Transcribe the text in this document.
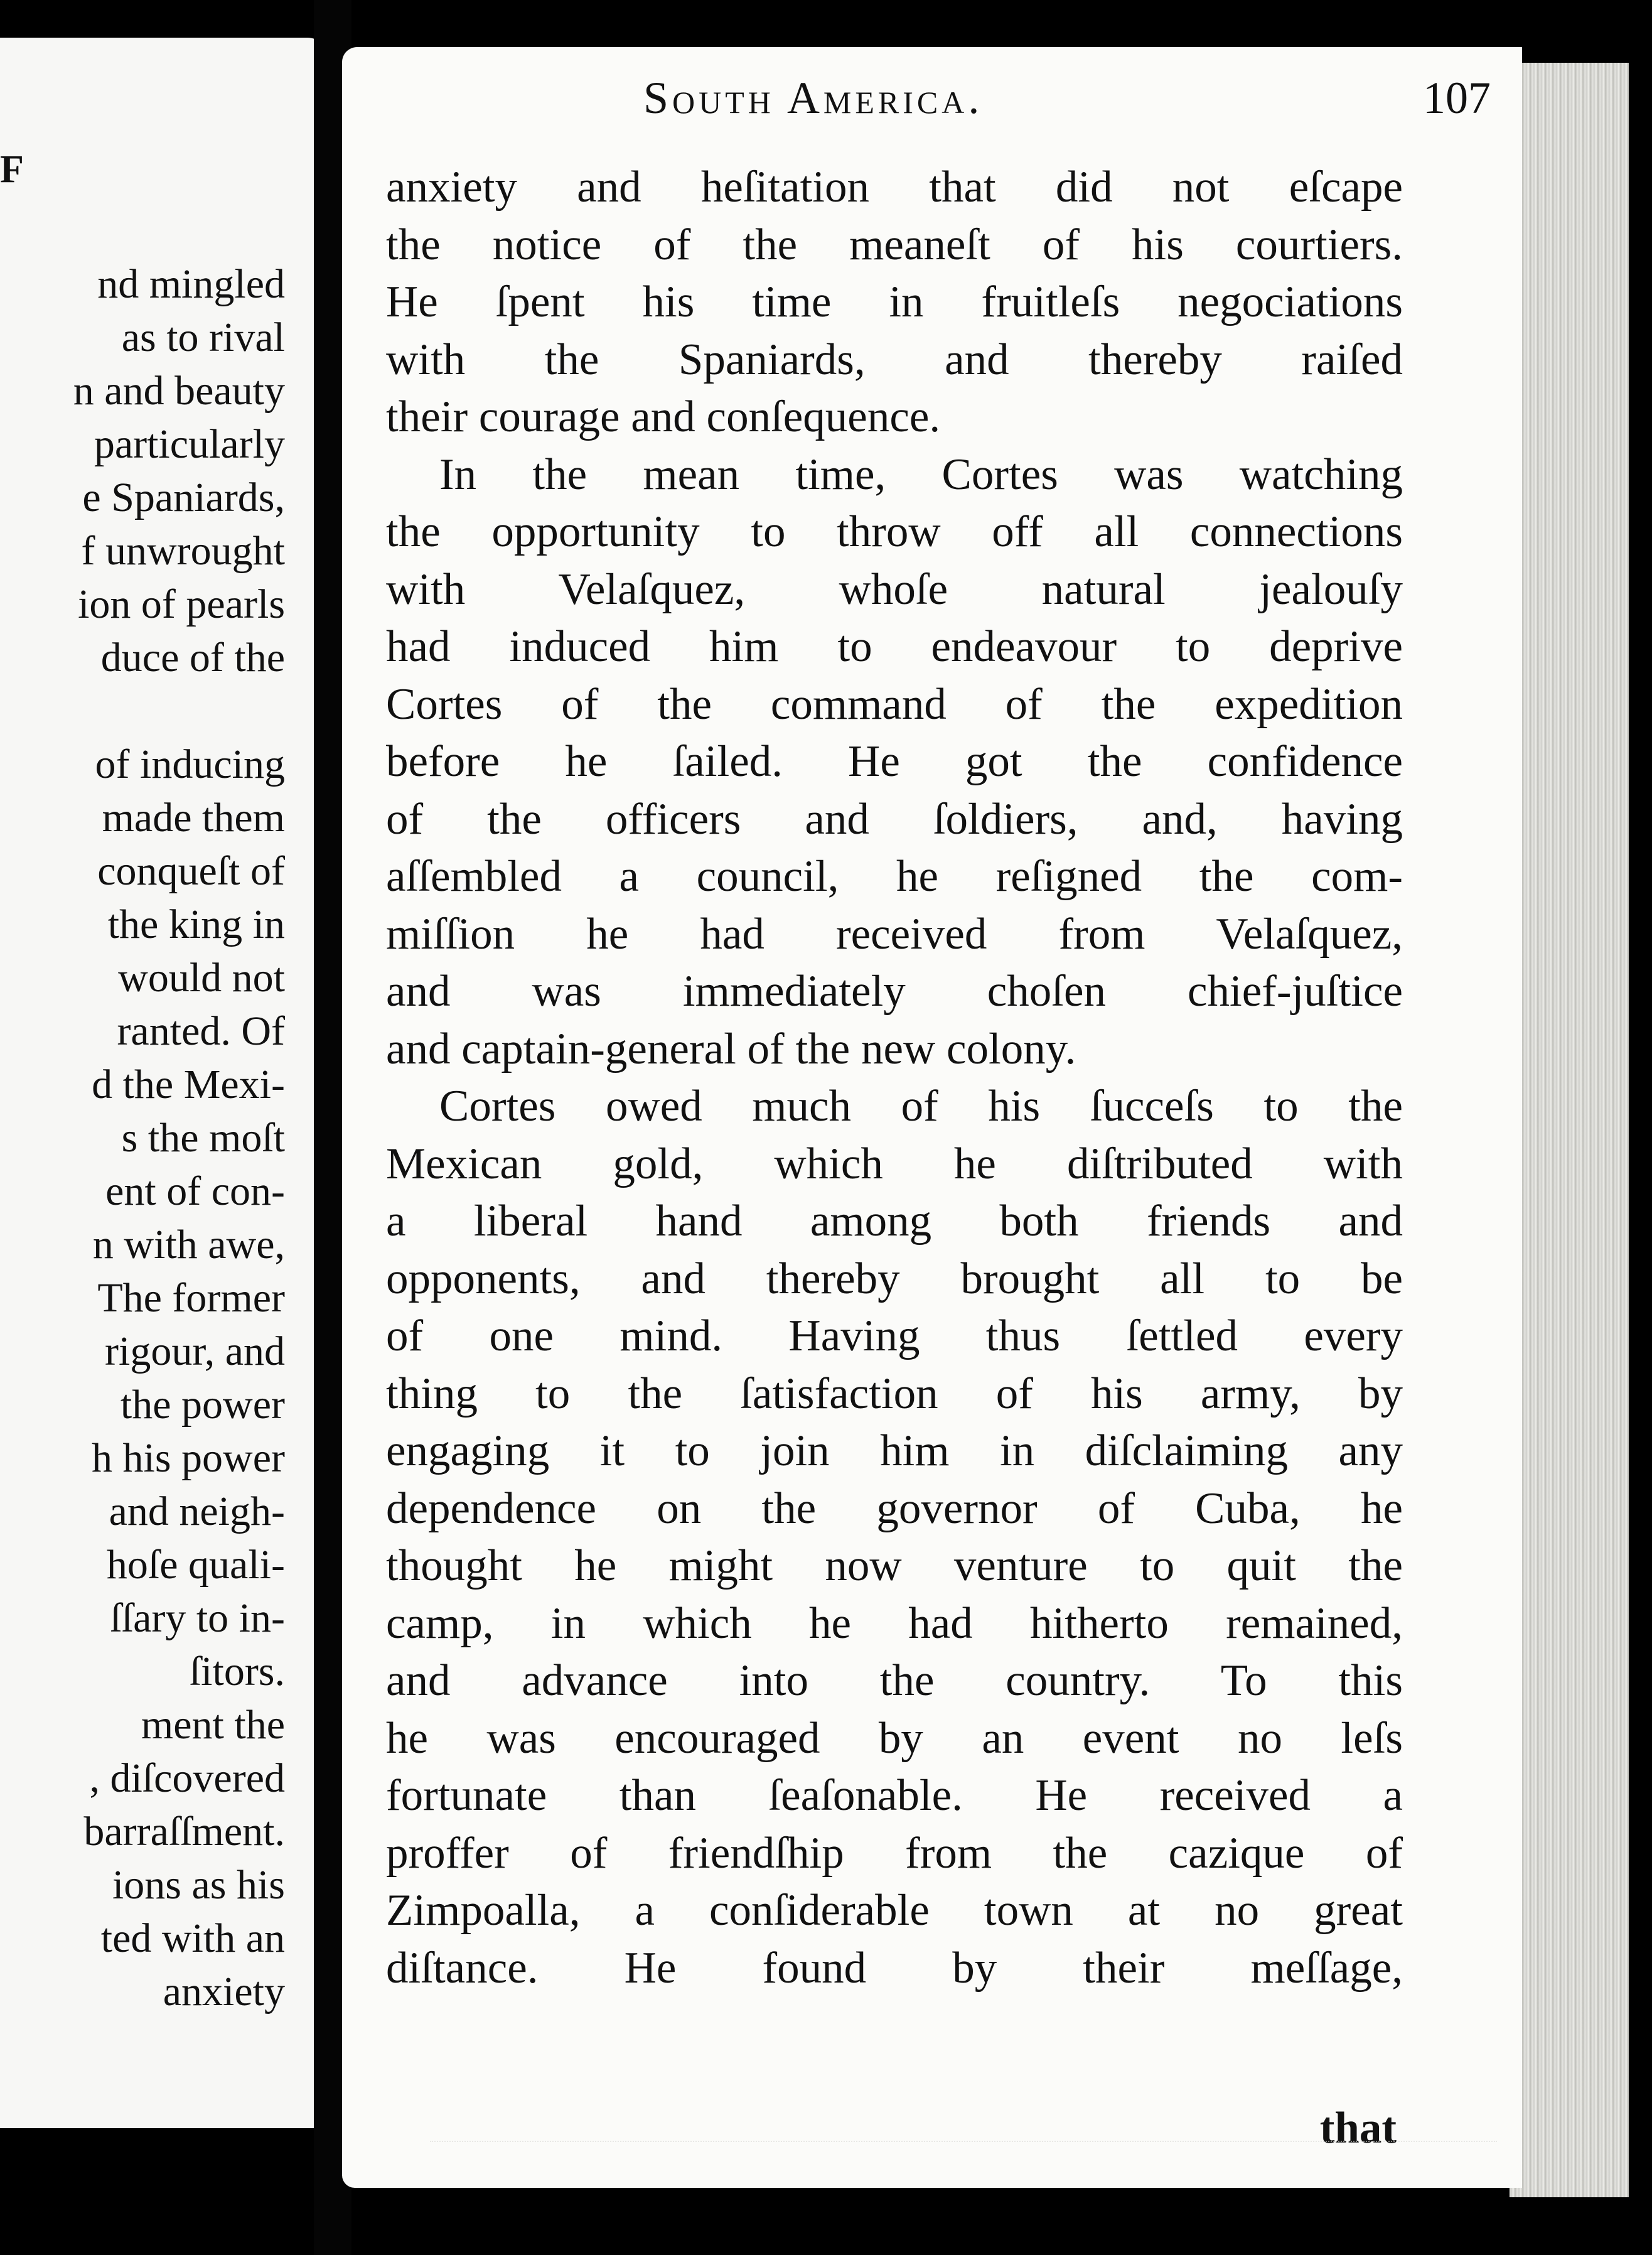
F
nd mingled
as to rival
n and beauty
particularly
e Spaniards,
f unwrought
ion of pearls
duce of the
of inducing
made them
conqueſt of
the king in
would not
ranted. Of
d the Mexi-
s the moſt
ent of con-
n with awe,
The former
rigour, and
the power
h his power
and neigh-
hoſe quali-
ſſary to in-
ſitors.
ment the
, diſcovered
barraſſment.
ions as his
ted with an
anxiety
South America.	107
anxiety and heſitation that did not eſcape
the notice of the meaneſt of his courtiers.
He ſpent his time in fruitleſs negociations
with the Spaniards, and thereby raiſed
their courage and conſequence.
In the mean time, Cortes was watching
the opportunity to throw off all connections
with Velaſquez, whoſe natural jealouſy
had induced him to endeavour to deprive
Cortes of the command of the expedition
before he ſailed. He got the confidence
of the officers and ſoldiers, and, having
aſſembled a council, he reſigned the com-
miſſion he had received from Velaſquez,
and was immediately choſen chief-juſtice
and captain-general of the new colony.
Cortes owed much of his ſucceſs to the
Mexican gold, which he diſtributed with
a liberal hand among both friends and
opponents, and thereby brought all to be
of one mind. Having thus ſettled every
thing to the ſatisfaction of his army, by
engaging it to join him in diſclaiming any
dependence on the governor of Cuba, he
thought he might now venture to quit the
camp, in which he had hitherto remained,
and advance into the country. To this
he was encouraged by an event no leſs
fortunate than ſeaſonable. He received a
proffer of friendſhip from the cazique of
Zimpoalla, a conſiderable town at no great
diſtance. He found by their meſſage,
that
